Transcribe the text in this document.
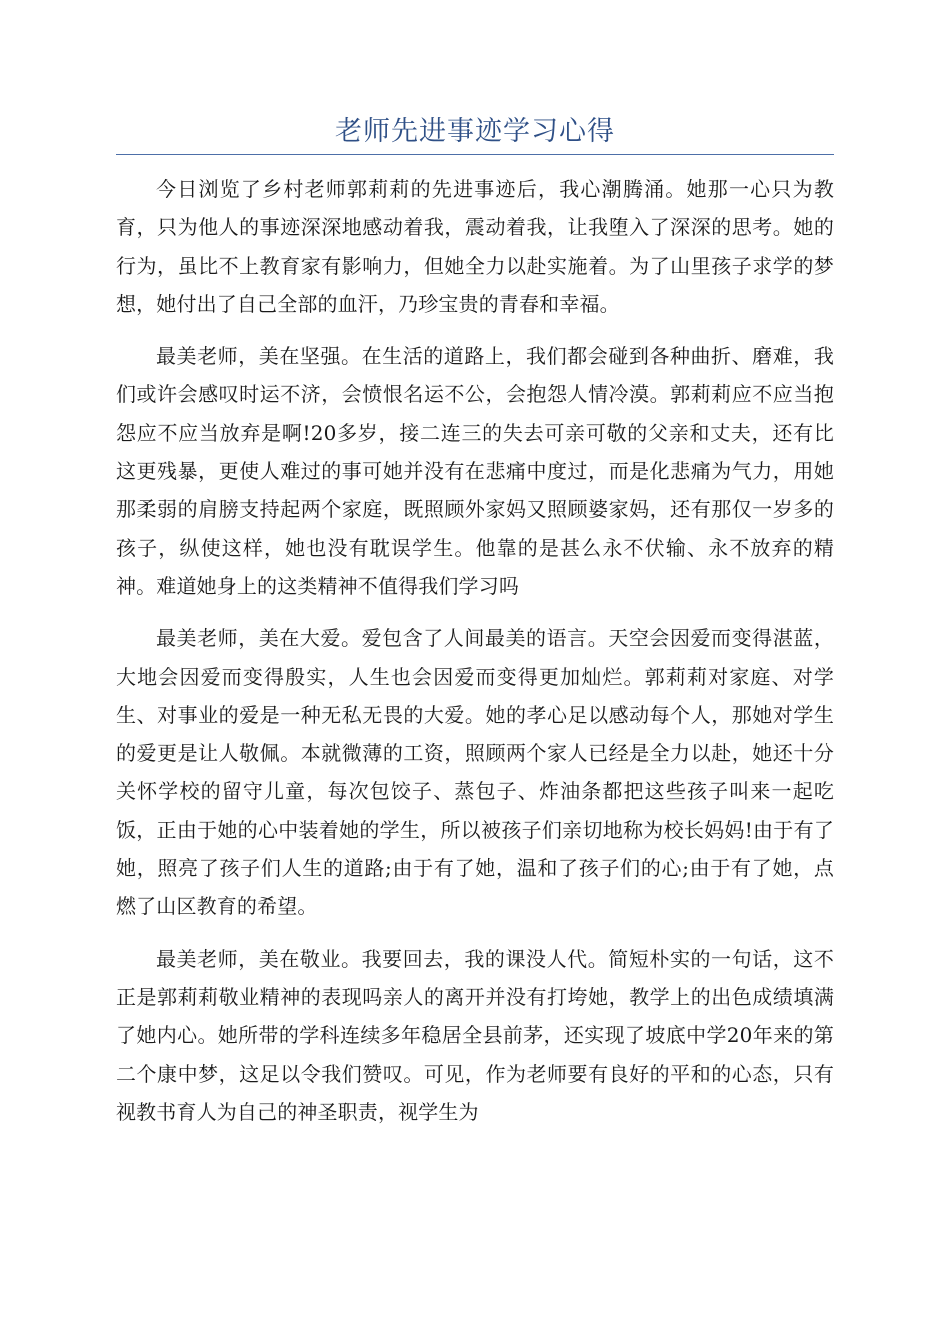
老师先进事迹学习心得

今日浏览了乡村老师郭莉莉的先进事迹后，我心潮腾涌。她那一心只为教育，只为他人的事迹深深地感动着我，震动着我，让我堕入了深深的思考。她的行为，虽比不上教育家有影响力，但她全力以赴实施着。为了山里孩子求学的梦想，她付出了自己全部的血汗，乃珍宝贵的青春和幸福。

最美老师，美在坚强。在生活的道路上，我们都会碰到各种曲折、磨难，我们或许会感叹时运不济，会愤恨名运不公，会抱怨人情冷漠。郭莉莉应不应当抱怨应不应当放弃是啊!20多岁，接二连三的失去可亲可敬的父亲和丈夫，还有比这更残暴，更使人难过的事可她并没有在悲痛中度过，而是化悲痛为气力，用她那柔弱的肩膀支持起两个家庭，既照顾外家妈又照顾婆家妈，还有那仅一岁多的孩子，纵使这样，她也没有耽误学生。他靠的是甚么永不伏输、永不放弃的精神。难道她身上的这类精神不值得我们学习吗

最美老师，美在大爱。爱包含了人间最美的语言。天空会因爱而变得湛蓝，大地会因爱而变得殷实，人生也会因爱而变得更加灿烂。郭莉莉对家庭、对学生、对事业的爱是一种无私无畏的大爱。她的孝心足以感动每个人，那她对学生的爱更是让人敬佩。本就微薄的工资，照顾两个家人已经是全力以赴，她还十分关怀学校的留守儿童，每次包饺子、蒸包子、炸油条都把这些孩子叫来一起吃饭，正由于她的心中装着她的学生，所以被孩子们亲切地称为校长妈妈!由于有了她，照亮了孩子们人生的道路;由于有了她，温和了孩子们的心;由于有了她，点燃了山区教育的希望。

最美老师，美在敬业。我要回去，我的课没人代。简短朴实的一句话，这不正是郭莉莉敬业精神的表现吗亲人的离开并没有打垮她，教学上的出色成绩填满了她内心。她所带的学科连续多年稳居全县前茅，还实现了坡底中学20年来的第二个康中梦，这足以令我们赞叹。可见，作为老师要有良好的平和的心态，只有视教书育人为自己的神圣职责，视学生为
